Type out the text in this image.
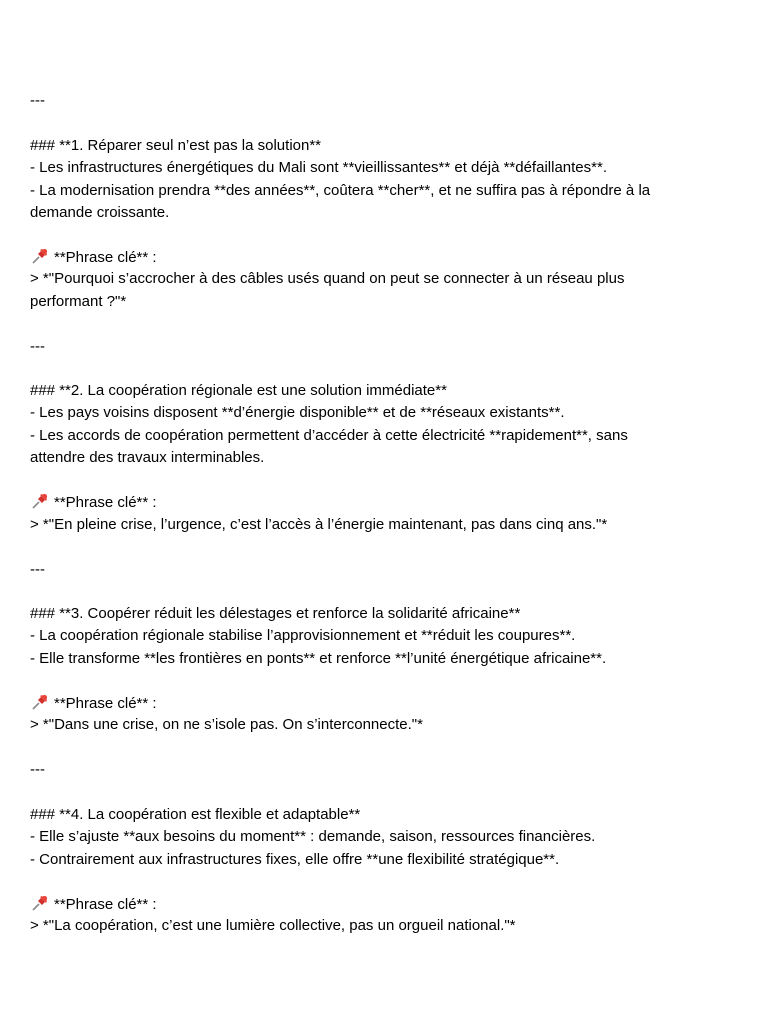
---
### **1. Réparer seul n’est pas la solution**
- Les infrastructures énergétiques du Mali sont **vieillissantes** et déjà **défaillantes**.
- La modernisation prendra **des années**, coûtera **cher**, et ne suffira pas à répondre à la
demande croissante.
**Phrase clé** :
> *"Pourquoi s’accrocher à des câbles usés quand on peut se connecter à un réseau plus
performant ?"*
---
### **2. La coopération régionale est une solution immédiate**
- Les pays voisins disposent **d’énergie disponible** et de **réseaux existants**.
- Les accords de coopération permettent d’accéder à cette électricité **rapidement**, sans
attendre des travaux interminables.
**Phrase clé** :
> *"En pleine crise, l’urgence, c’est l’accès à l’énergie maintenant, pas dans cinq ans."*
---
### **3. Coopérer réduit les délestages et renforce la solidarité africaine**
- La coopération régionale stabilise l’approvisionnement et **réduit les coupures**.
- Elle transforme **les frontières en ponts** et renforce **l’unité énergétique africaine**.
**Phrase clé** :
> *"Dans une crise, on ne s’isole pas. On s’interconnecte."*
---
### **4. La coopération est flexible et adaptable**
- Elle s’ajuste **aux besoins du moment** : demande, saison, ressources financières.
- Contrairement aux infrastructures fixes, elle offre **une flexibilité stratégique**.
**Phrase clé** :
> *"La coopération, c’est une lumière collective, pas un orgueil national."*
